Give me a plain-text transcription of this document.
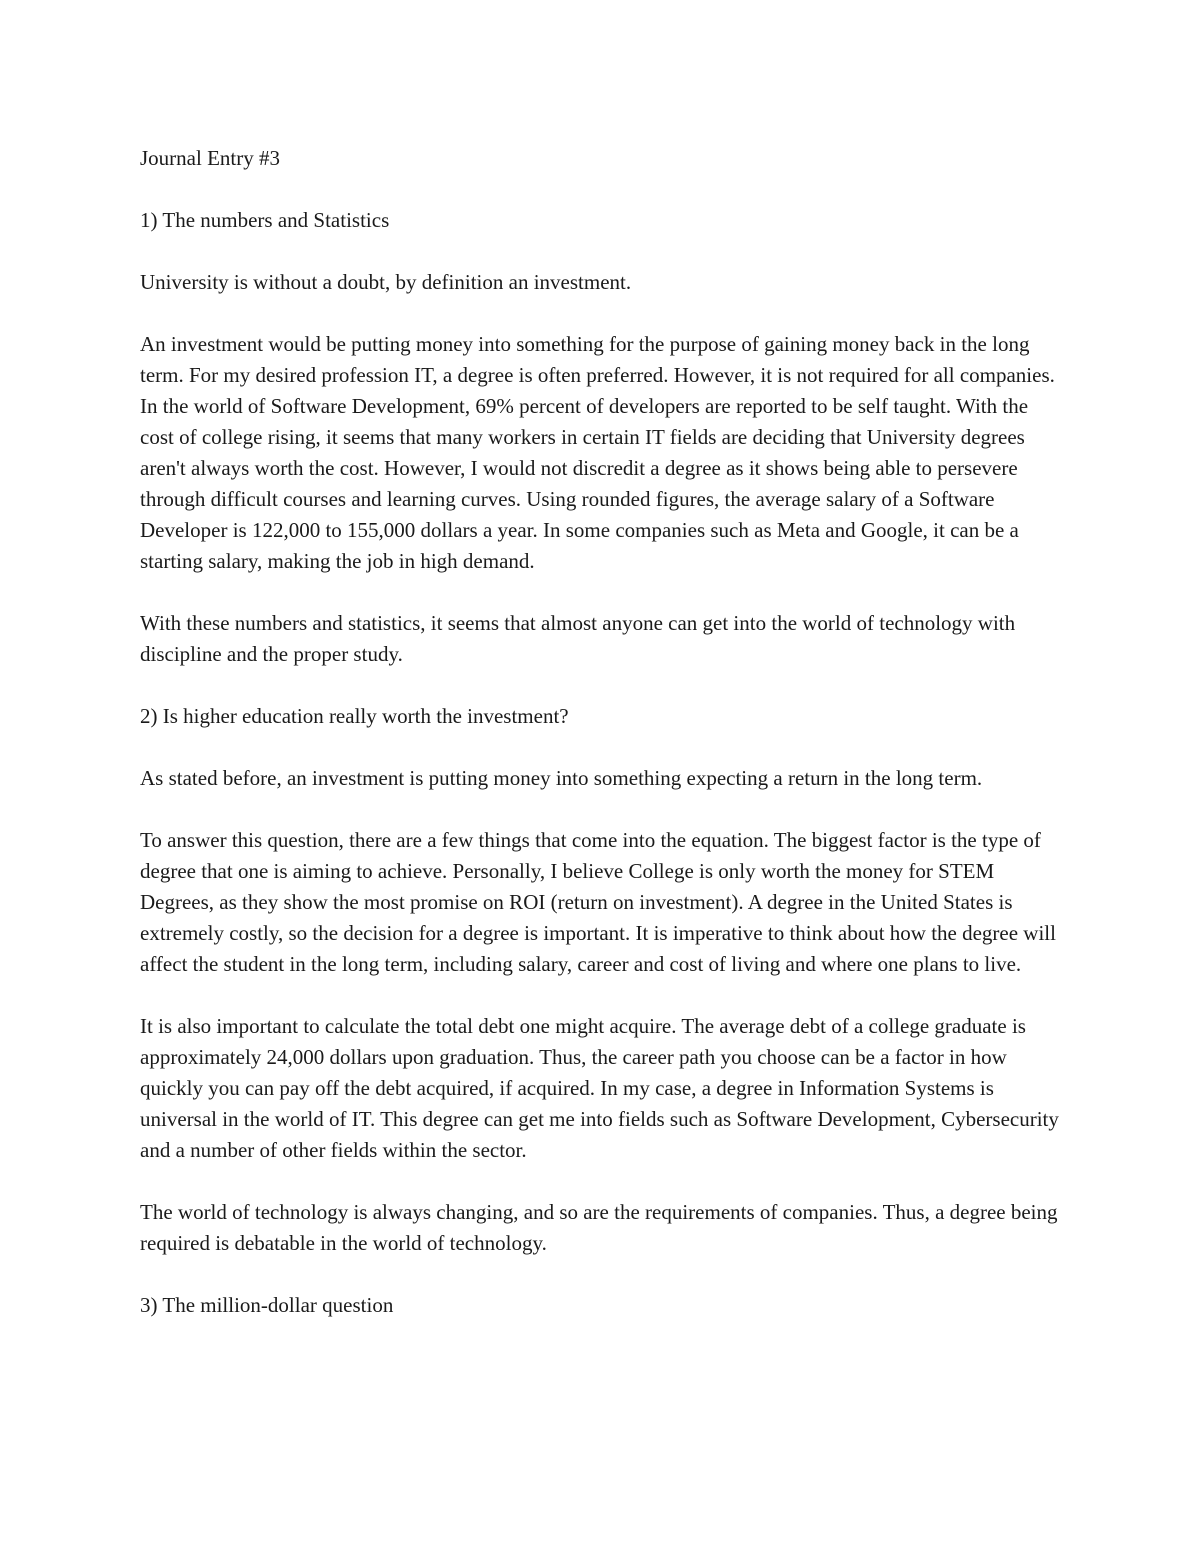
Journal Entry #3

1) The numbers and Statistics

University is without a doubt, by definition an investment.

An investment would be putting money into something for the purpose of gaining money back in the long term. For my desired profession IT, a degree is often preferred. However, it is not required for all companies. In the world of Software Development, 69% percent of developers are reported to be self taught. With the cost of college rising, it seems that many workers in certain IT fields are deciding that University degrees aren't always worth the cost. However, I would not discredit a degree as it shows being able to persevere through difficult courses and learning curves. Using rounded figures, the average salary of a Software Developer is 122,000 to 155,000 dollars a year. In some companies such as Meta and Google, it can be a starting salary, making the job in high demand.

With these numbers and statistics, it seems that almost anyone can get into the world of technology with discipline and the proper study.

2) Is higher education really worth the investment?

As stated before, an investment is putting money into something expecting a return in the long term.

To answer this question, there are a few things that come into the equation. The biggest factor is the type of degree that one is aiming to achieve. Personally, I believe College is only worth the money for STEM Degrees, as they show the most promise on ROI (return on investment). A degree in the United States is extremely costly, so the decision for a degree is important. It is imperative to think about how the degree will affect the student in the long term, including salary, career and cost of living and where one plans to live.

It is also important to calculate the total debt one might acquire. The average debt of a college graduate is approximately 24,000 dollars upon graduation. Thus, the career path you choose can be a factor in how quickly you can pay off the debt acquired, if acquired. In my case, a degree in Information Systems is universal in the world of IT. This degree can get me into fields such as Software Development, Cybersecurity and a number of other fields within the sector.

The world of technology is always changing, and so are the requirements of companies. Thus, a degree being required is debatable in the world of technology.

3) The million-dollar question
